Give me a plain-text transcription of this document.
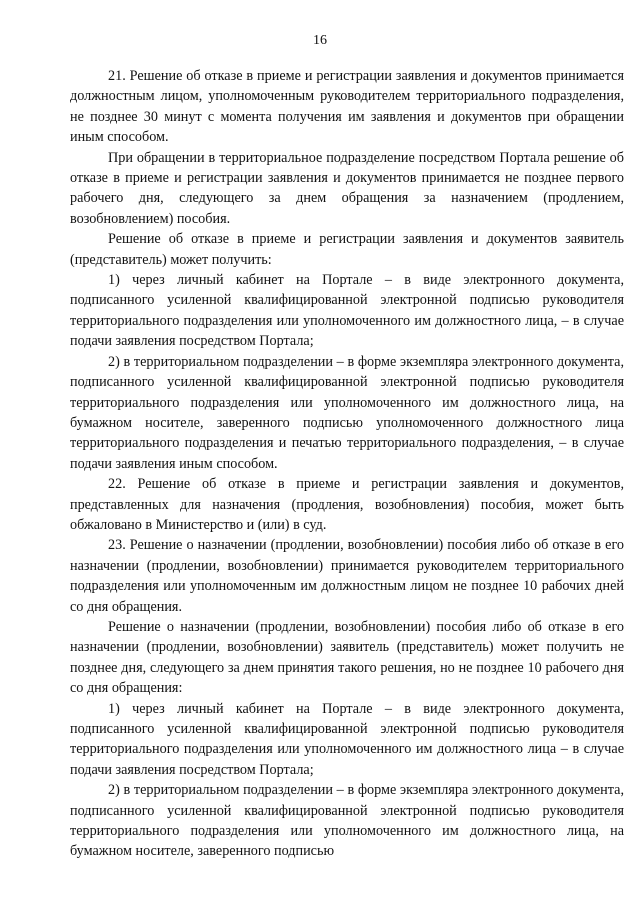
16

21. Решение об отказе в приеме и регистрации заявления и документов принимается должностным лицом, уполномоченным руководителем территориального подразделения, не позднее 30 минут с момента получения им заявления и документов при обращении иным способом.

При обращении в территориальное подразделение посредством Портала решение об отказе в приеме и регистрации заявления и документов принимается не позднее первого рабочего дня, следующего за днем обращения за назначением (продлением, возобновлением) пособия.

Решение об отказе в приеме и регистрации заявления и документов заявитель (представитель) может получить:

1) через личный кабинет на Портале – в виде электронного документа, подписанного усиленной квалифицированной электронной подписью руководителя территориального подразделения или уполномоченного им должностного лица, – в случае подачи заявления посредством Портала;

2) в территориальном подразделении – в форме экземпляра электронного документа, подписанного усиленной квалифицированной электронной подписью руководителя территориального подразделения или уполномоченного им должностного лица, на бумажном носителе, заверенного подписью уполномоченного должностного лица территориального подразделения и печатью территориального подразделения, – в случае подачи заявления иным способом.

22. Решение об отказе в приеме и регистрации заявления и документов, представленных для назначения (продления, возобновления) пособия, может быть обжаловано в Министерство и (или) в суд.

23. Решение о назначении (продлении, возобновлении) пособия либо об отказе в его назначении (продлении, возобновлении) принимается руководителем территориального подразделения или уполномоченным им должностным лицом не позднее 10 рабочих дней со дня обращения.

Решение о назначении (продлении, возобновлении) пособия либо об отказе в его назначении (продлении, возобновлении) заявитель (представитель) может получить не позднее дня, следующего за днем принятия такого решения, но не позднее 10 рабочего дня со дня обращения:

1) через личный кабинет на Портале – в виде электронного документа, подписанного усиленной квалифицированной электронной подписью руководителя территориального подразделения или уполномоченного им должностного лица – в случае подачи заявления посредством Портала;

2) в территориальном подразделении – в форме экземпляра электронного документа, подписанного усиленной квалифицированной электронной подписью руководителя территориального подразделения или уполномоченного им должностного лица, на бумажном носителе, заверенного подписью
